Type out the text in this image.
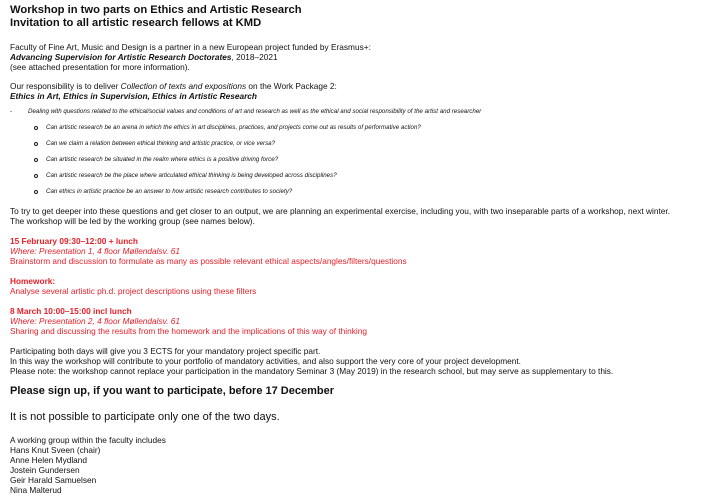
Workshop in two parts on Ethics and Artistic Research
Invitation to all artistic research fellows at KMD
Faculty of Fine Art, Music and Design is a partner in a new European project funded by Erasmus+:
Advancing Supervision for Artistic Research Doctorates, 2018–2021
(see attached presentation for more information).
Our responsibility is to deliver Collection of texts and expositions on the Work Package 2:
Ethics in Art, Ethics in Supervision, Ethics in Artistic Research
-	Dealing with questions related to the ethical/social values and conditions of art and research as well as the ethical and social responsibility of the artist and researcher
Can artistic research be an arena in which the ethics in art disciplines, practices, and projects come out as results of performative action?
Can we claim a relation between ethical thinking and artistic practice, or vice versa?
Can artistic research be situated in the realm where ethics is a positive driving force?
Can artistic research be the place where articulated ethical thinking is being developed across disciplines?
Can ethics in artistic practice be an answer to how artistic research contributes to society?
To try to get deeper into these questions and get closer to an output, we are planning an experimental exercise, including you, with two inseparable parts of a workshop, next winter.
The workshop will be led by the working group (see names below).
15 February 09:30–12:00 + lunch
Where: Presentation 1, 4 floor Møllendalsv. 61
Brainstorm and discussion to formulate as many as possible relevant ethical aspects/angles/filters/questions
Homework:
Analyse several artistic ph.d. project descriptions using these filters
8 March 10:00–15:00 incl lunch
Where: Presentation 2, 4 floor Møllendalsv. 61
Sharing and discussing the results from the homework and the implications of this way of thinking
Participating both days will give you 3 ECTS for your mandatory project specific part.
In this way the workshop will contribute to your portfolio of mandatory activities, and also support the very core of your project development.
Please note: the workshop cannot replace your participation in the mandatory Seminar 3 (May 2019) in the research school, but may serve as supplementary to this.
Please sign up, if you want to participate, before 17 December
It is not possible to participate only one of the two days.
A working group within the faculty includes
Hans Knut Sveen (chair)
Anne Helen Mydland
Jostein Gundersen
Geir Harald Samuelsen
Nina Malterud
